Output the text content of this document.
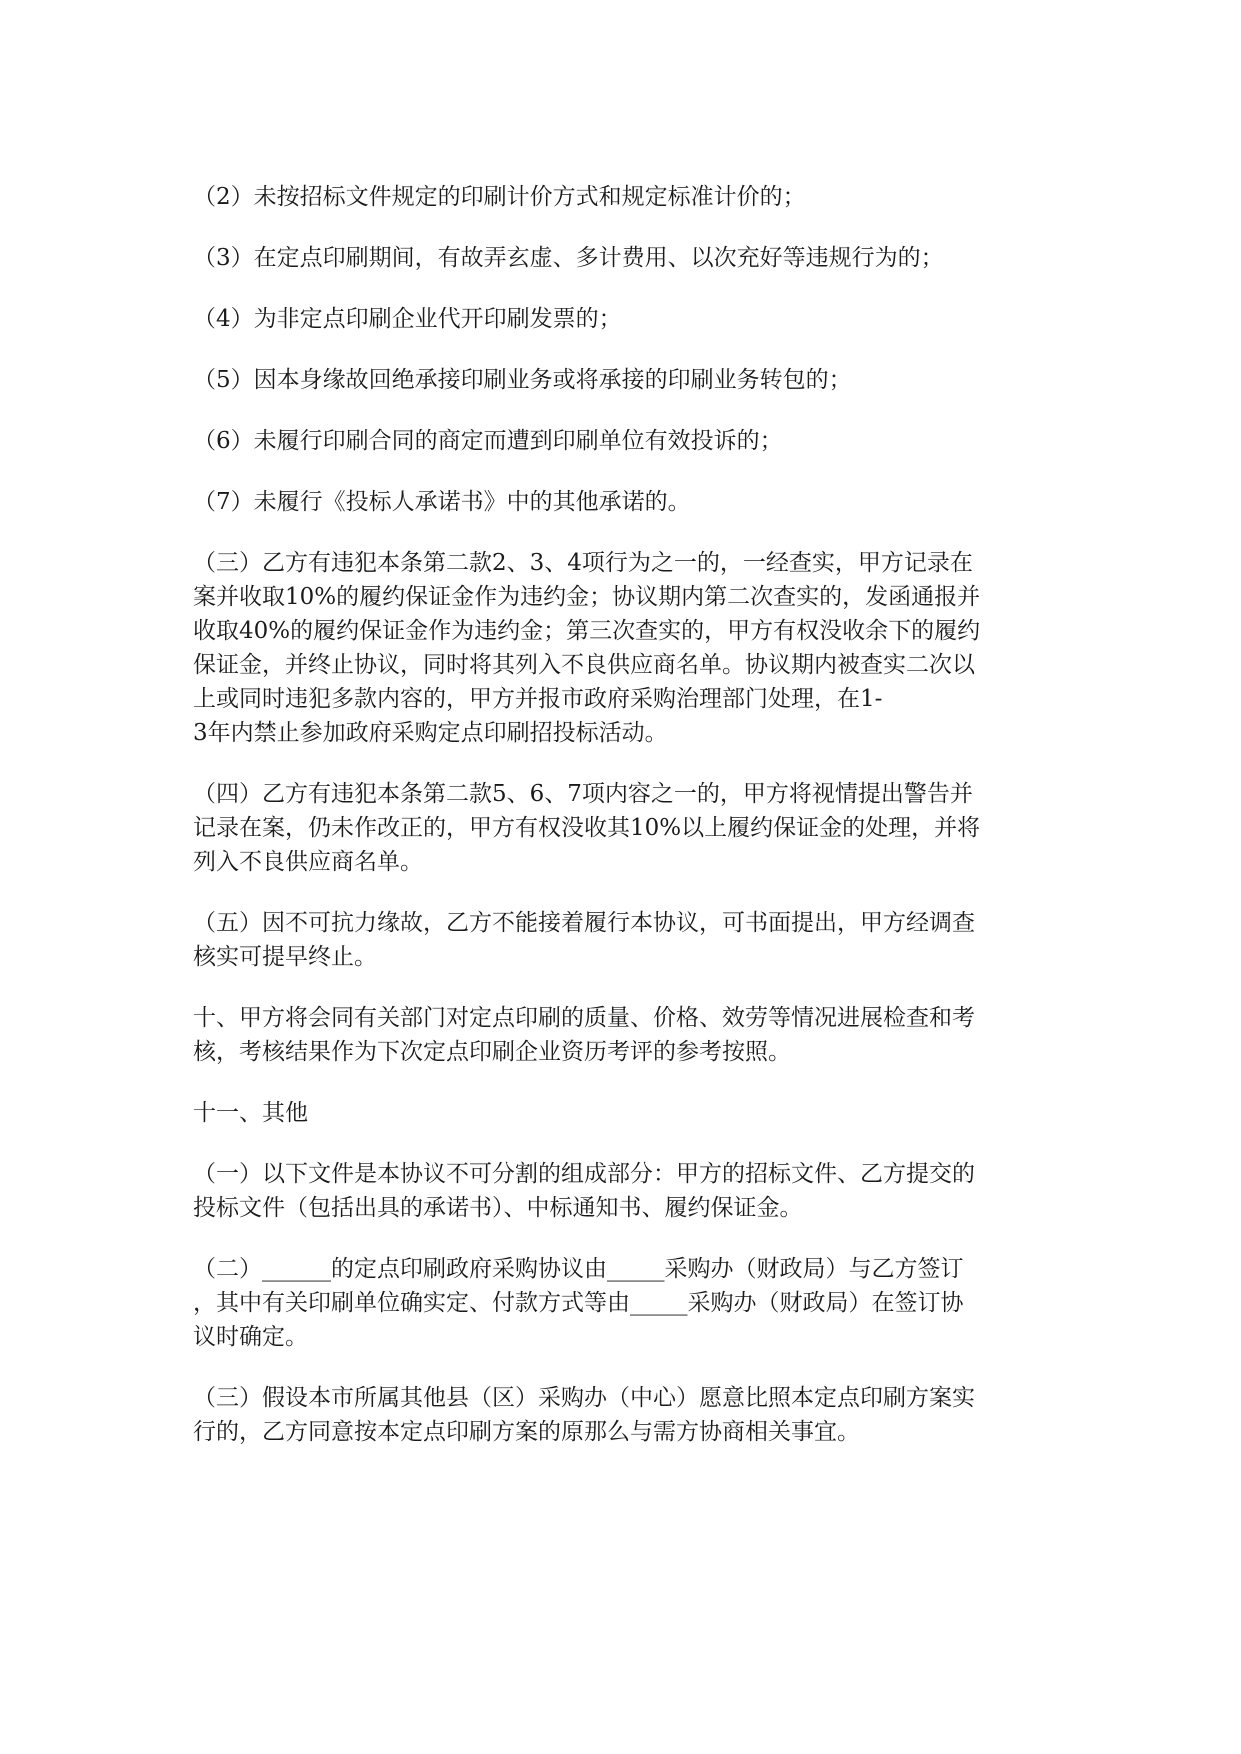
（2）未按招标文件规定的印刷计价方式和规定标准计价的；

（3）在定点印刷期间，有故弄玄虚、多计费用、以次充好等违规行为的；

（4）为非定点印刷企业代开印刷发票的；

（5）因本身缘故回绝承接印刷业务或将承接的印刷业务转包的；

（6）未履行印刷合同的商定而遭到印刷单位有效投诉的；

（7）未履行《投标人承诺书》中的其他承诺的。

（三）乙方有违犯本条第二款2、3、4项行为之一的，一经查实，甲方记录在
案并收取10%的履约保证金作为违约金；协议期内第二次查实的，发函通报并
收取40%的履约保证金作为违约金；第三次查实的，甲方有权没收余下的履约
保证金，并终止协议，同时将其列入不良供应商名单。协议期内被查实二次以
上或同时违犯多款内容的，甲方并报市政府采购治理部门处理，在1-
3年内禁止参加政府采购定点印刷招投标活动。

（四）乙方有违犯本条第二款5、6、7项内容之一的，甲方将视情提出警告并
记录在案，仍未作改正的，甲方有权没收其10%以上履约保证金的处理，并将
列入不良供应商名单。

（五）因不可抗力缘故，乙方不能接着履行本协议，可书面提出，甲方经调查
核实可提早终止。

十、甲方将会同有关部门对定点印刷的质量、价格、效劳等情况进展检查和考
核，考核结果作为下次定点印刷企业资历考评的参考按照。

十一、其他

（一）以下文件是本协议不可分割的组成部分：甲方的招标文件、乙方提交的
投标文件（包括出具的承诺书）、中标通知书、履约保证金。

（二）______的定点印刷政府采购协议由_____采购办（财政局）与乙方签订
，其中有关印刷单位确实定、付款方式等由_____采购办（财政局）在签订协
议时确定。

（三）假设本市所属其他县（区）采购办（中心）愿意比照本定点印刷方案实
行的，乙方同意按本定点印刷方案的原那么与需方协商相关事宜。
